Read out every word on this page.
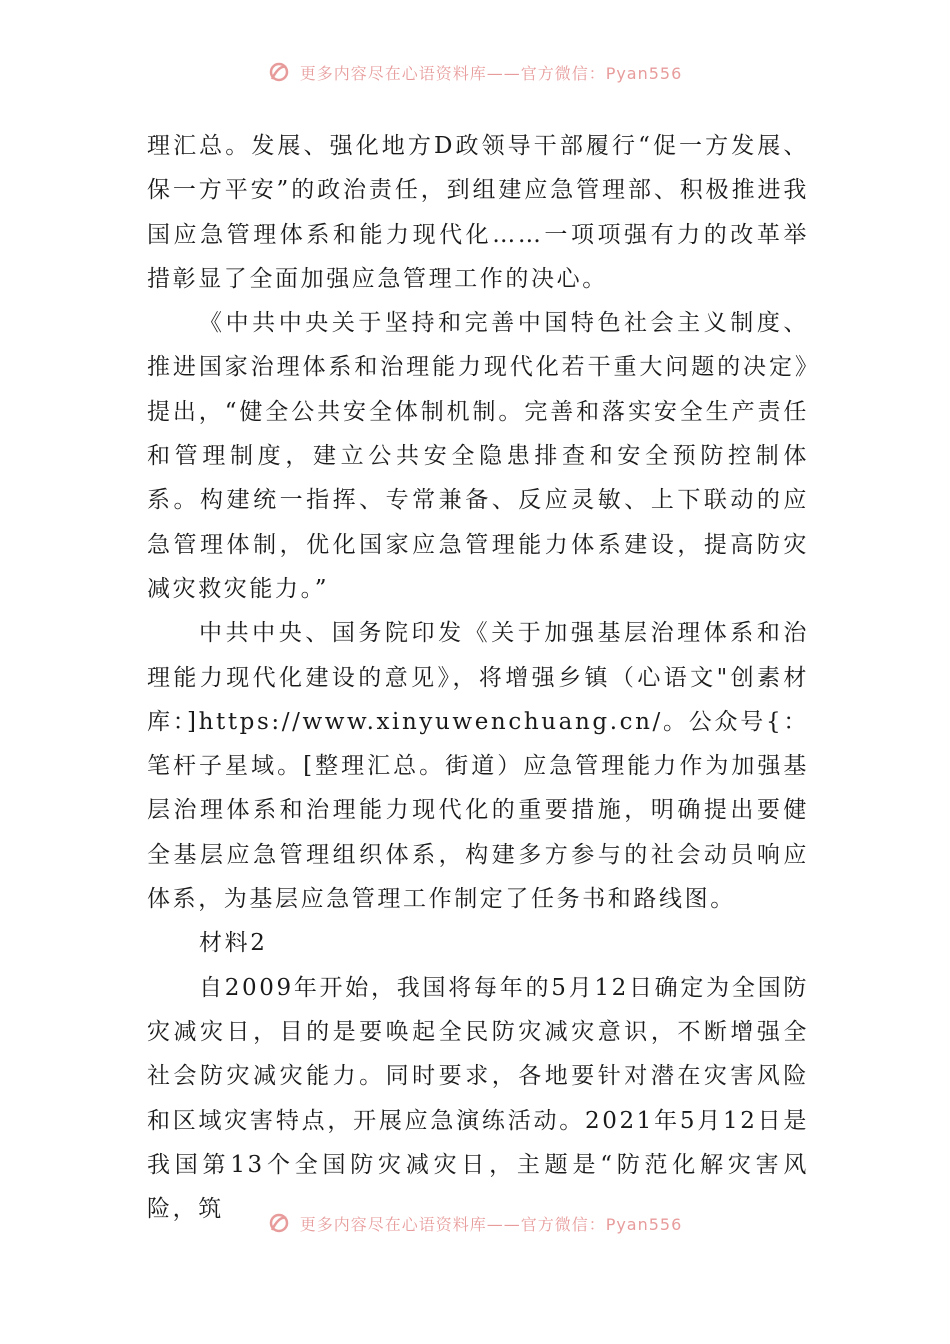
更多内容尽在心语资料库——官方微信：Pyan556

理汇总。发展、强化地方D政领导干部履行“促一方发展、保一方平安”的政治责任，到组建应急管理部、积极推进我国应急管理体系和能力现代化……一项项强有力的改革举措彰显了全面加强应急管理工作的决心。

《中共中央关于坚持和完善中国特色社会主义制度、推进国家治理体系和治理能力现代化若干重大问题的决定》提出，“健全公共安全体制机制。完善和落实安全生产责任和管理制度，建立公共安全隐患排查和安全预防控制体系。构建统一指挥、专常兼备、反应灵敏、上下联动的应急管理体制，优化国家应急管理能力体系建设，提高防灾减灾救灾能力。”

中共中央、国务院印发《关于加强基层治理体系和治理能力现代化建设的意见》，将增强乡镇（心语文"创素材库：]https://www.xinyuwenchuang.cn/。公众号{：笔杆子星域。[整理汇总。街道）应急管理能力作为加强基层治理体系和治理能力现代化的重要措施，明确提出要健全基层应急管理组织体系，构建多方参与的社会动员响应体系，为基层应急管理工作制定了任务书和路线图。

材料2

自2009年开始，我国将每年的5月12日确定为全国防灾减灾日，目的是要唤起全民防灾减灾意识，不断增强全社会防灾减灾能力。同时要求，各地要针对潜在灾害风险和区域灾害特点，开展应急演练活动。2021年5月12日是我国第13个全国防灾减灾日，主题是“防范化解灾害风险，筑

更多内容尽在心语资料库——官方微信：Pyan556
